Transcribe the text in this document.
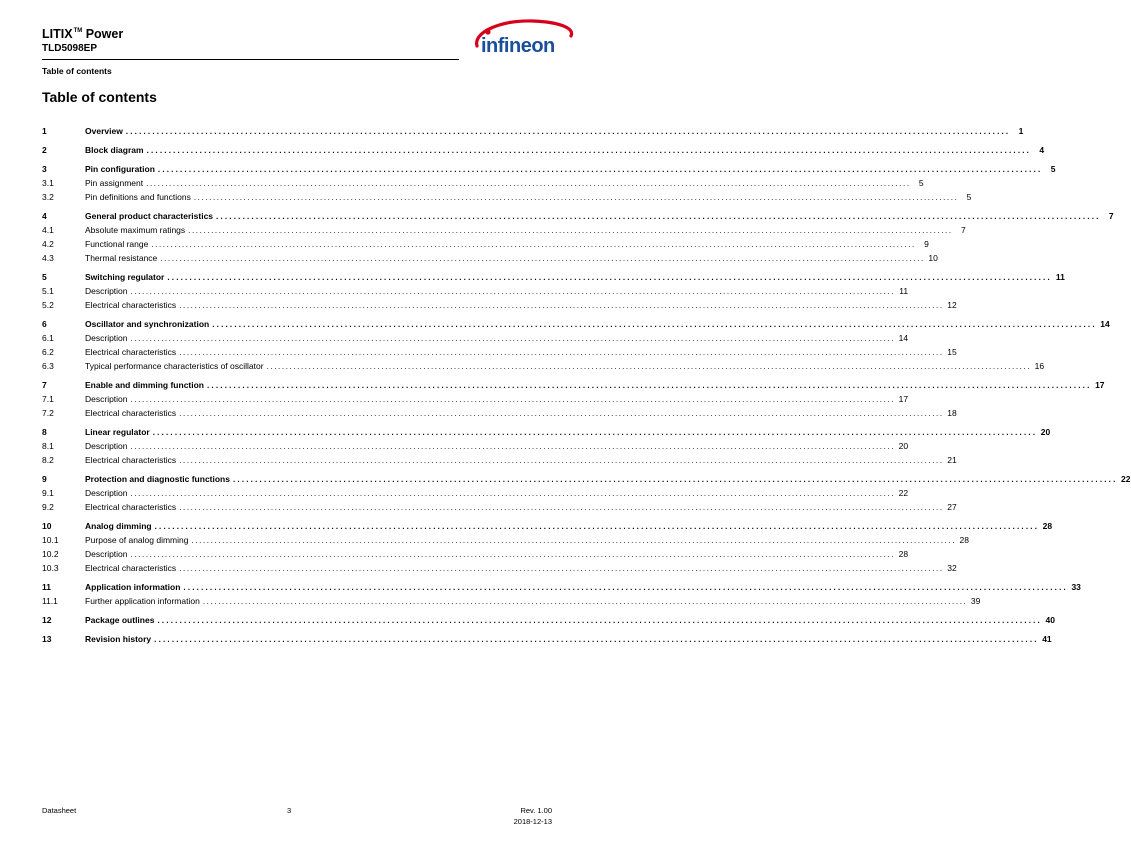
LITIX™ Power
TLD5098EP
Table of contents
infineon
Table of contents
1	Overview ........................................................................................................................................................................................................ 1
2	Block diagram ........................................................................................................................................................................................................ 4
3	Pin configuration ........................................................................................................................................................................................................ 5
3.1	Pin assignment ........................................................................................................................................................................................................ 5
3.2	Pin definitions and functions ........................................................................................................................................................................................................ 5
4	General product characteristics ........................................................................................................................................................................................................ 7
4.1	Absolute maximum ratings ........................................................................................................................................................................................................ 7
4.2	Functional range ........................................................................................................................................................................................................ 9
4.3	Thermal resistance ........................................................................................................................................................................................................ 10
5	Switching regulator ........................................................................................................................................................................................................ 11
5.1	Description ........................................................................................................................................................................................................ 11
5.2	Electrical characteristics ........................................................................................................................................................................................................ 12
6	Oscillator and synchronization ........................................................................................................................................................................................................ 14
6.1	Description ........................................................................................................................................................................................................ 14
6.2	Electrical characteristics ........................................................................................................................................................................................................ 15
6.3	Typical performance characteristics of oscillator ........................................................................................................................................................................................................ 16
7	Enable and dimming function ........................................................................................................................................................................................................ 17
7.1	Description ........................................................................................................................................................................................................ 17
7.2	Electrical characteristics ........................................................................................................................................................................................................ 18
8	Linear regulator ........................................................................................................................................................................................................ 20
8.1	Description ........................................................................................................................................................................................................ 20
8.2	Electrical characteristics ........................................................................................................................................................................................................ 21
9	Protection and diagnostic functions ........................................................................................................................................................................................................ 22
9.1	Description ........................................................................................................................................................................................................ 22
9.2	Electrical characteristics ........................................................................................................................................................................................................ 27
10	Analog dimming ........................................................................................................................................................................................................ 28
10.1	Purpose of analog dimming ........................................................................................................................................................................................................ 28
10.2	Description ........................................................................................................................................................................................................ 28
10.3	Electrical characteristics ........................................................................................................................................................................................................ 32
11	Application information ........................................................................................................................................................................................................ 33
11.1	Further application information ........................................................................................................................................................................................................ 39
12	Package outlines ........................................................................................................................................................................................................ 40
13	Revision history ........................................................................................................................................................................................................ 41
Datasheet	3	Rev. 1.00
2018-12-13
